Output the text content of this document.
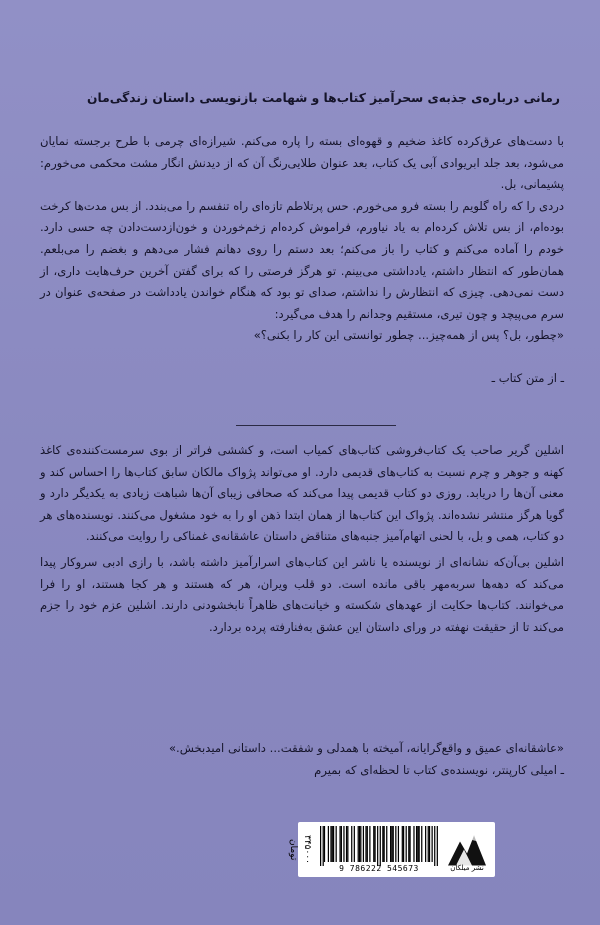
رمانی درباره‌ی جذبه‌ی سحرآمیز کتاب‌ها و شهامت بازنویسی داستان زندگی‌مان

با دست‌های عرق‌کرده کاغذ ضخیم و قهوه‌ای بسته را پاره می‌کنم. شیرازه‌ای چرمی با طرح برجسته نمایان می‌شود، بعد جلد ابریوادی آبی یک کتاب، بعد عنوان طلایی‌رنگ آن که از دیدنش انگار مشت محکمی می‌خورم: پشیمانی، بل.

دردی را که راه گلویم را بسته فرو می‌خورم. حس پرتلاطم تازه‌ای راه تنفسم را می‌بندد. از بس مدت‌ها کرخت بوده‌ام، از بس تلاش کرده‌ام به یاد نیاورم، فراموش کرده‌ام زخم‌خوردن و خون‌ازدست‌دادن چه حسی دارد. خودم را آماده می‌کنم و کتاب را باز می‌کنم؛ بعد دستم را روی دهانم فشار می‌دهم و بغضم را می‌بلعم. همان‌طور که انتظار داشتم، یادداشتی می‌بینم. تو هرگز فرصتی را که برای گفتن آخرین حرف‌هایت داری، از دست نمی‌دهی. چیزی که انتظارش را نداشتم، صدای تو بود که هنگام خواندن یادداشت در صفحه‌ی عنوان در سرم می‌پیچد و چون تیری، مستقیم وجدانم را هدف می‌گیرد:

«چطور، بل؟ پس از همه‌چیز... چطور توانستی این کار را بکنی؟»

ـ از متن کتاب ـ

اشلین گریر صاحب یک کتاب‌فروشی کتاب‌های کمیاب است، و کششی فراتر از بوی سرمست‌کننده‌ی کاغذ کهنه و جوهر و چرم نسبت به کتاب‌های قدیمی دارد. او می‌تواند پژواک مالکان سابق کتاب‌ها را احساس کند و معنی آن‌ها را دریابد. روزی دو کتاب قدیمی پیدا می‌کند که صحافی زیبای آن‌ها شباهت زیادی به یکدیگر دارد و گویا هرگز منتشر نشده‌اند. پژواک این کتاب‌ها از همان ابتدا ذهن او را به خود مشغول می‌کنند. نویسنده‌های هر دو کتاب، همی و بل، با لحنی اتهام‌آمیز جنبه‌های متناقض داستان عاشقانه‌ی غمناکی را روایت می‌کنند.

اشلین بی‌آن‌که نشانه‌ای از نویسنده یا ناشر این کتاب‌های اسرارآمیز داشته باشد، با رازی ادبی سروکار پیدا می‌کند که دهه‌ها سربه‌مهر باقی مانده است. دو قلب ویران، هر که هستند و هر کجا هستند، او را فرا می‌خوانند. کتاب‌ها حکایت از عهدهای شکسته و خیانت‌های ظاهراً نابخشودنی دارند. اشلین عزم خود را جزم می‌کند تا از حقیقت نهفته در ورای داستان این عشق به‌فنارفته پرده بردارد.

«عاشقانه‌ای عمیق و واقع‌گرایانه، آمیخته با همدلی و شفقت... داستانی امیدبخش.»

ـ امیلی کارپنتر، نویسنده‌ی کتاب تا لحظه‌ای که بمیرم

۳۴۵۰۰۰ تومان
9 786222 545673	نشر میلکان
